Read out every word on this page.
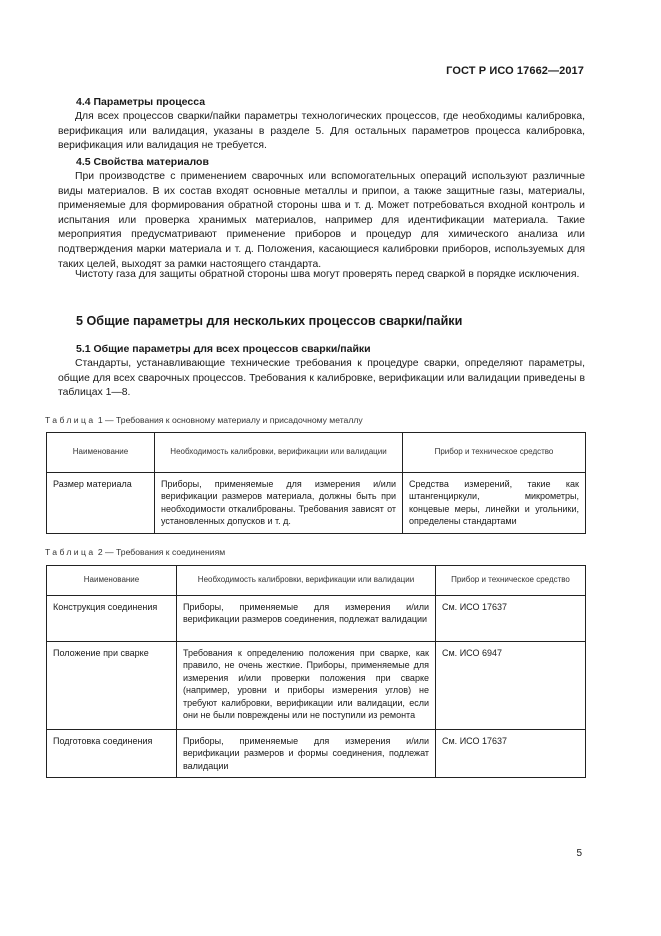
ГОСТ Р ИСО 17662—2017
4.4 Параметры процесса

Для всех процессов сварки/пайки параметры технологических процессов, где необходимы калибровка, верификация или валидация, указаны в разделе 5. Для остальных параметров процесса калибровка, верификация или валидация не требуется.

4.5 Свойства материалов

При производстве с применением сварочных или вспомогательных операций используют различные виды материалов. В их состав входят основные металлы и припои, а также защитные газы, материалы, применяемые для формирования обратной стороны шва и т. д. Может потребоваться входной контроль и испытания или проверка хранимых материалов, например для идентификации материала. Такие мероприятия предусматривают применение приборов и процедур для химического анализа или подтверждения марки материала и т. д. Положения, касающиеся калибровки приборов, используемых для таких целей, выходят за рамки настоящего стандарта.

Чистоту газа для защиты обратной стороны шва могут проверять перед сваркой в порядке исключения.

5 Общие параметры для нескольких процессов сварки/пайки
5.1 Общие параметры для всех процессов сварки/пайки

Стандарты, устанавливающие технические требования к процедуре сварки, определяют параметры, общие для всех сварочных процессов. Требования к калибровке, верификации или валидации приведены в таблицах 1—8.

Таблица 1 — Требования к основному материалу и присадочному металлу
Наименование	Необходимость калибровки, верификации или валидации	Прибор и техническое средство
Размер материала	Приборы, применяемые для измерения и/или верификации размеров материала, должны быть при необходимости откалиброваны. Требования зависят от установленных допусков и т. д.	Средства измерений, такие как штангенциркули, микрометры, концевые меры, линейки и угольники, определены стандартами
Таблица 2 — Требования к соединениям
Наименование	Необходимость калибровки, верификации или валидации	Прибор и техническое средство
Конструкция соединения	Приборы, применяемые для измерения и/или верификации размеров соединения, подлежат валидации	См. ИСО 17637
Положение при сварке	Требования к определению положения при сварке, как правило, не очень жесткие. Приборы, применяемые для измерения и/или проверки положения при сварке (например, уровни и приборы измерения углов) не требуют калибровки, верификации или валидации, если они не были повреждены или не поступили из ремонта	См. ИСО 6947
Подготовка соединения	Приборы, применяемые для измерения и/или верификации размеров и формы соединения, подлежат валидации	См. ИСО 17637
5
